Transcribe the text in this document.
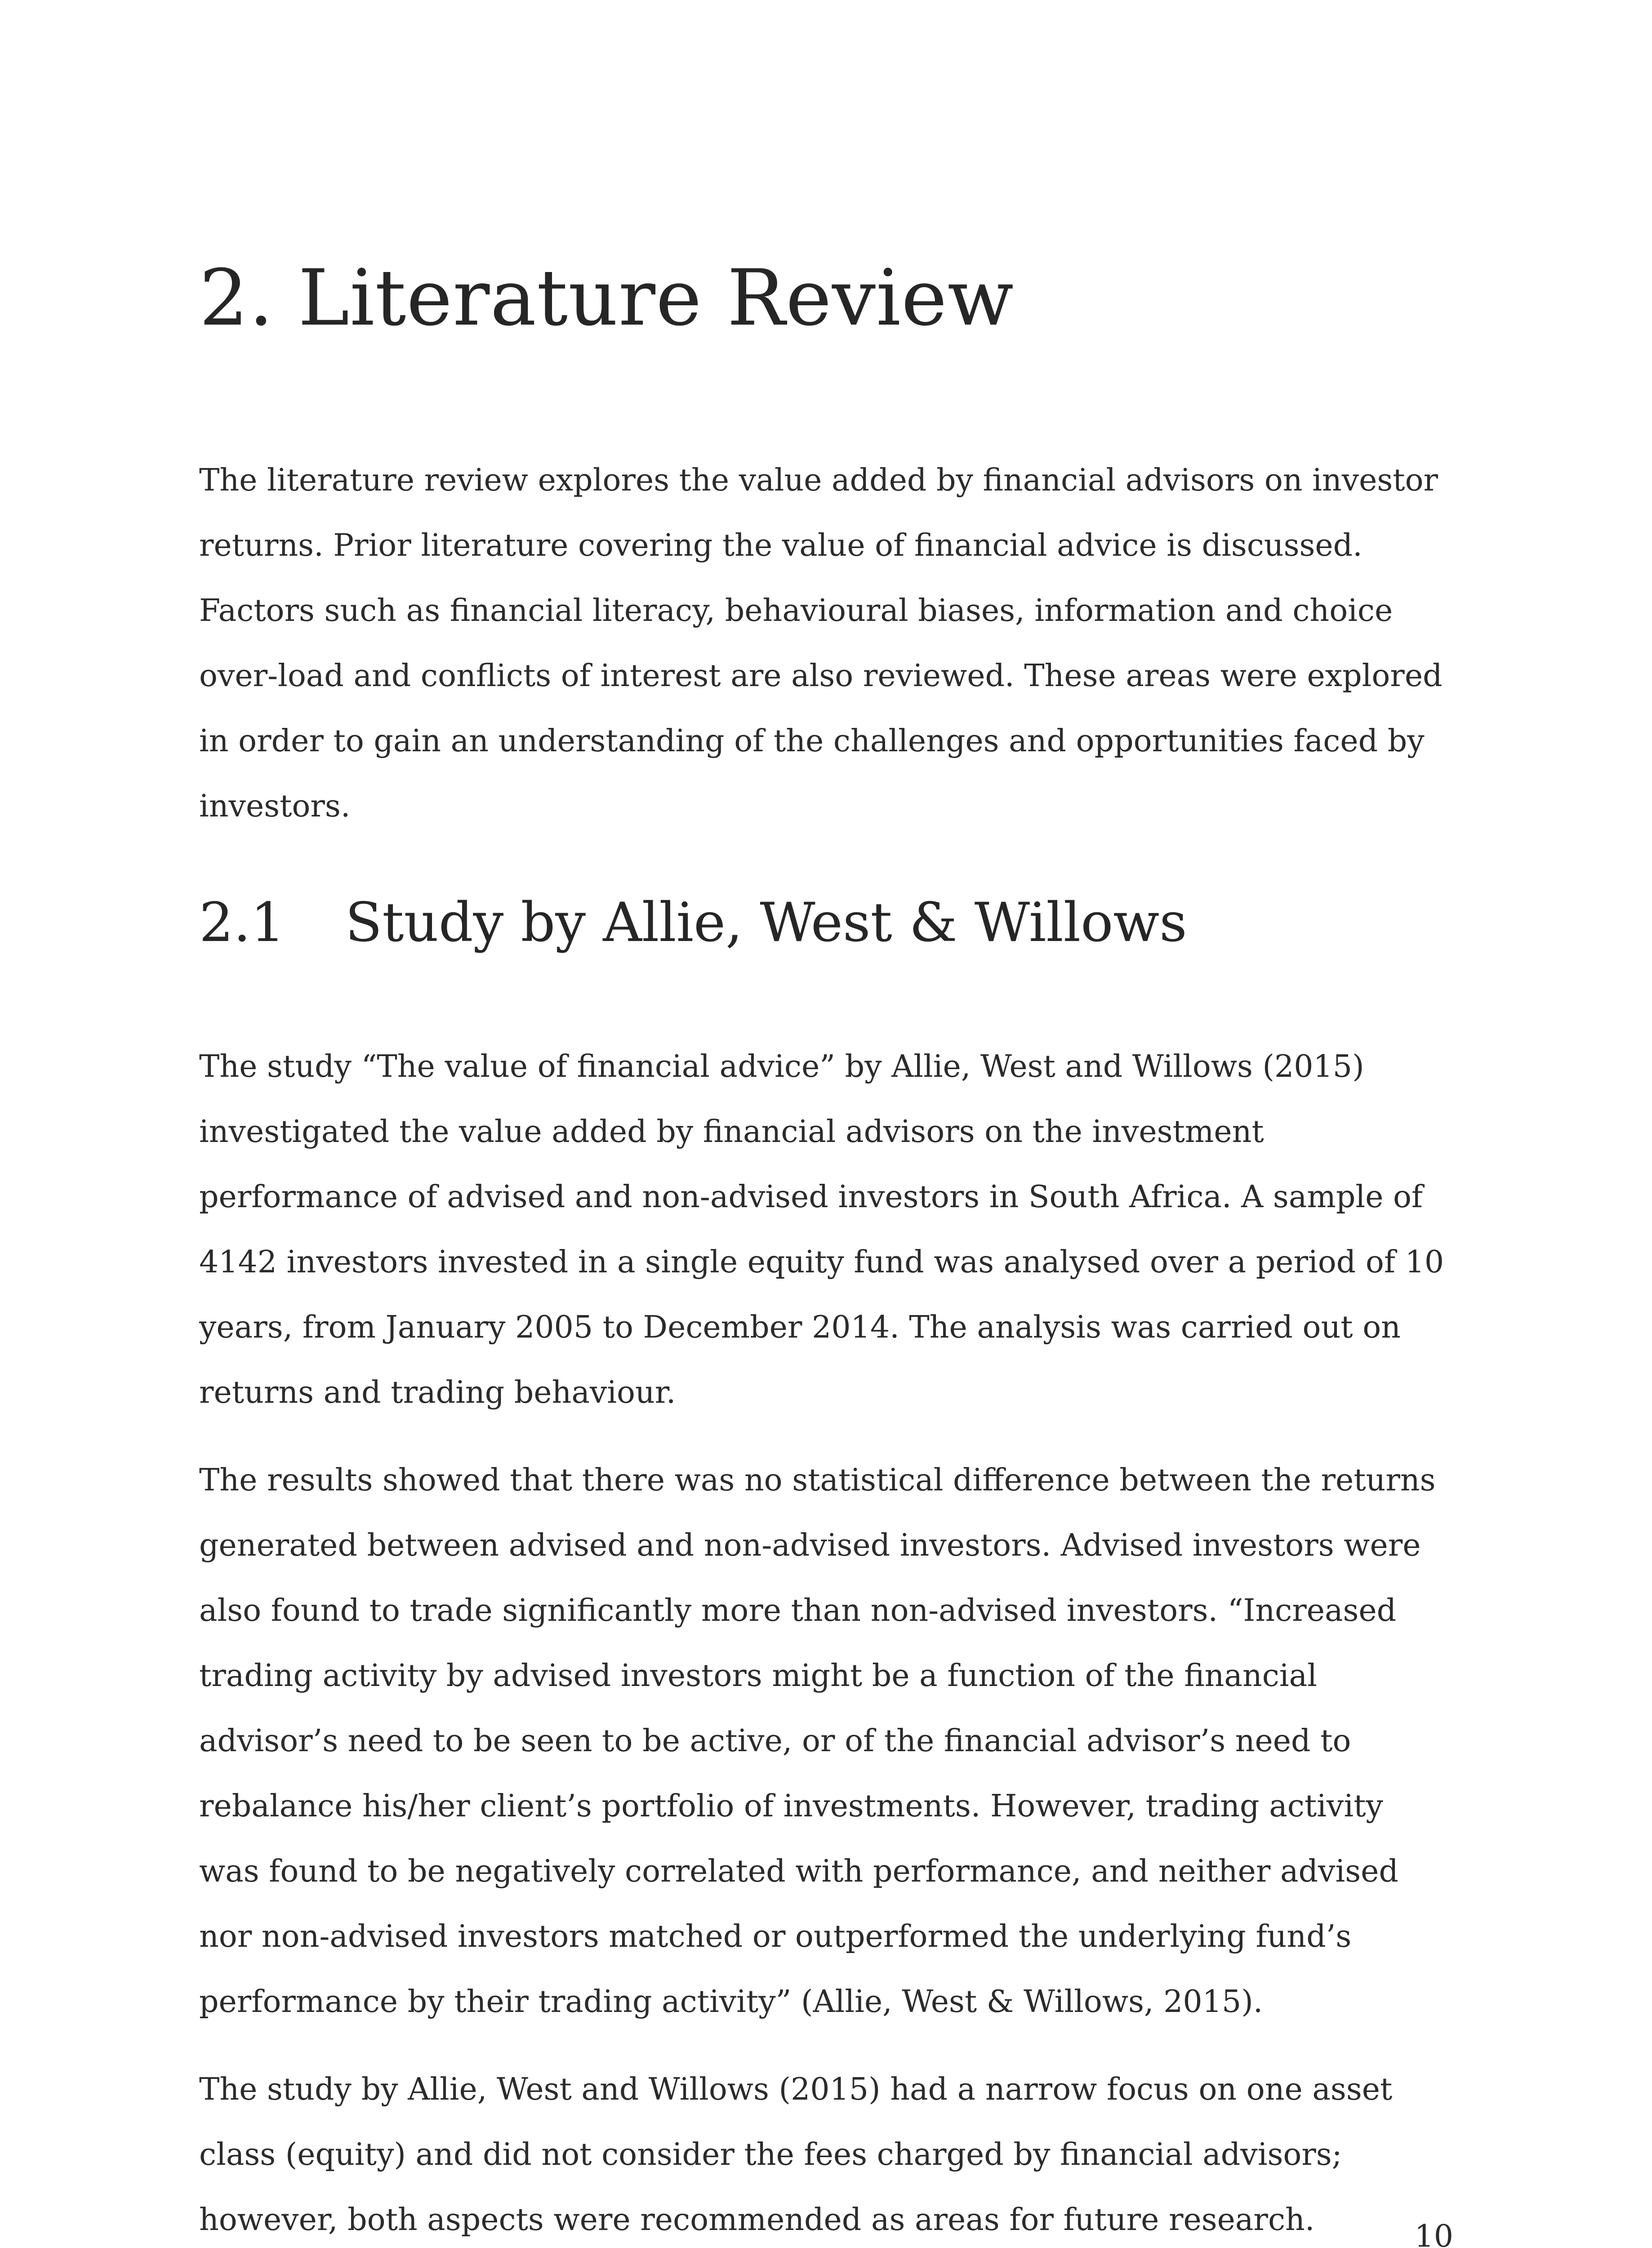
2. Literature Review

The literature review explores the value added by financial advisors on investor returns. Prior literature covering the value of financial advice is discussed. Factors such as financial literacy, behavioural biases, information and choice over-load and conflicts of interest are also reviewed. These areas were explored in order to gain an understanding of the challenges and opportunities faced by investors.

2.1 Study by Allie, West & Willows

The study “The value of financial advice” by Allie, West and Willows (2015) investigated the value added by financial advisors on the investment performance of advised and non-advised investors in South Africa. A sample of 4142 investors invested in a single equity fund was analysed over a period of 10 years, from January 2005 to December 2014. The analysis was carried out on returns and trading behaviour.

The results showed that there was no statistical difference between the returns generated between advised and non-advised investors. Advised investors were also found to trade significantly more than non-advised investors. “Increased trading activity by advised investors might be a function of the financial advisor’s need to be seen to be active, or of the financial advisor’s need to rebalance his/her client’s portfolio of investments. However, trading activity was found to be negatively correlated with performance, and neither advised nor non-advised investors matched or outperformed the underlying fund’s performance by their trading activity” (Allie, West & Willows, 2015).

The study by Allie, West and Willows (2015) had a narrow focus on one asset class (equity) and did not consider the fees charged by financial advisors; however, both aspects were recommended as areas for future research.	10
